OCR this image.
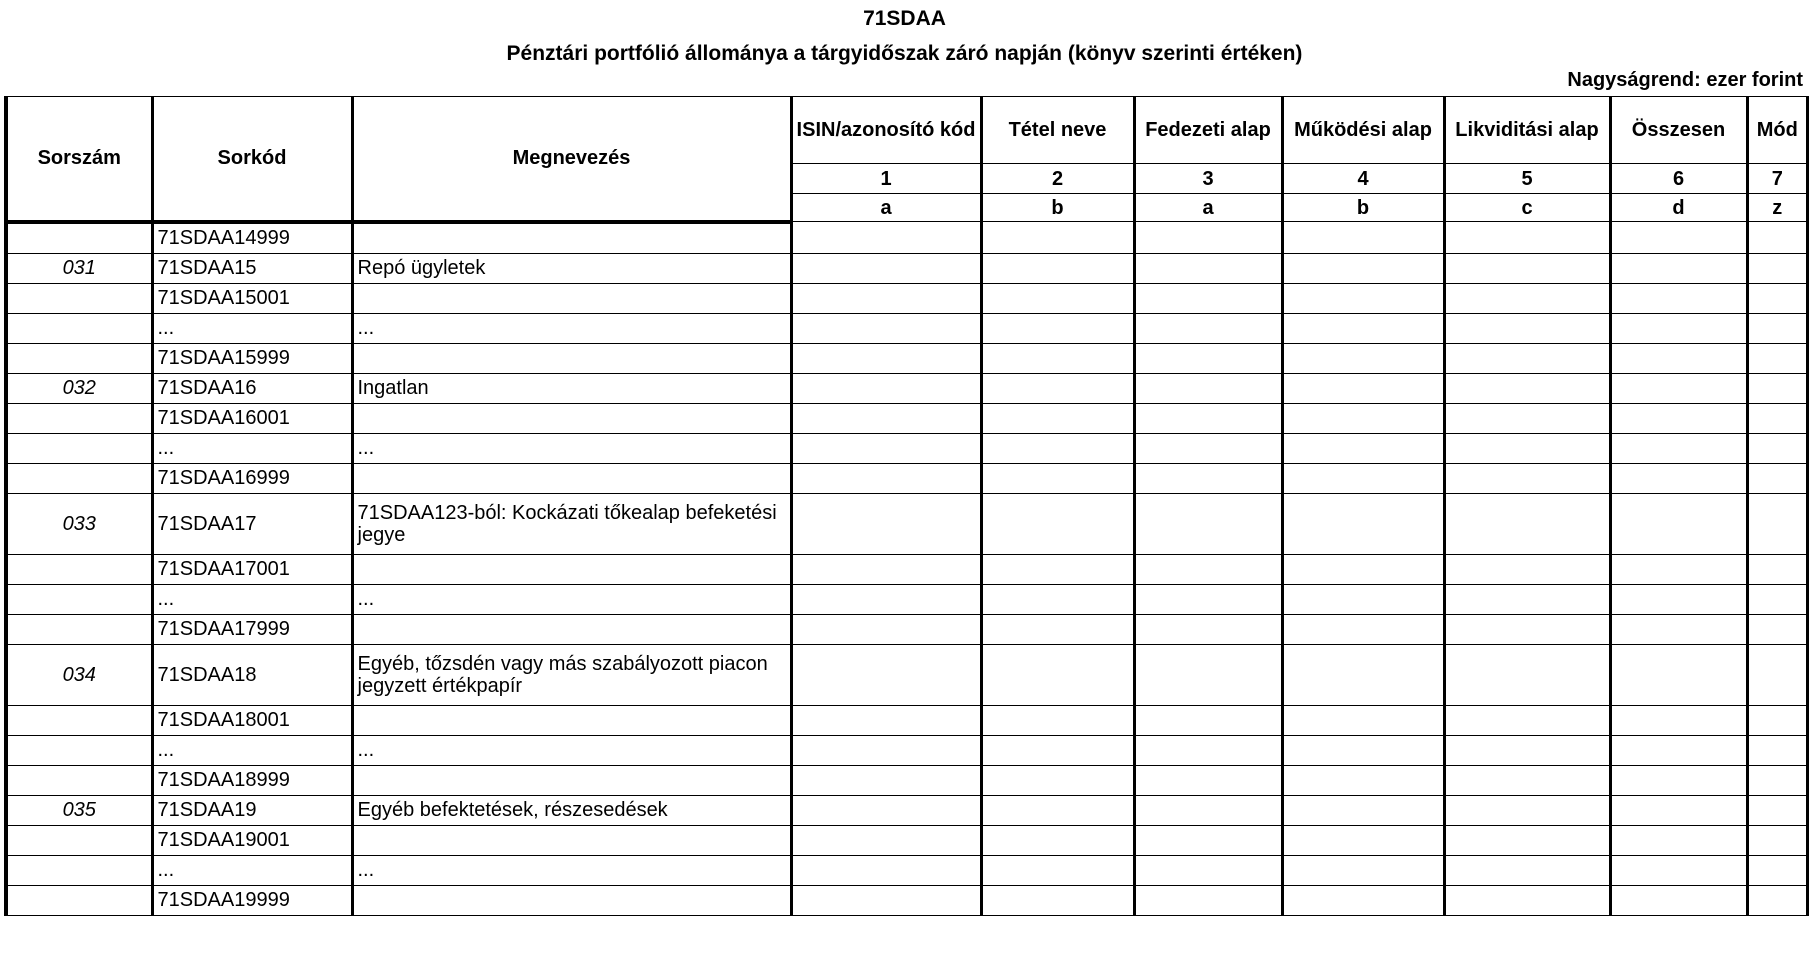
71SDAA
Pénztári portfólió állománya a tárgyidőszak záró napján (könyv szerinti értéken)
Nagyságrend: ezer forint
Sorszám	Sorkód	Megnevezés	ISIN/azonosító kód	Tétel neve	Fedezeti alap	Működési alap	Likviditási alap	Összesen	Mód
			1	2	3	4	5	6	7
			a	b	a	b	c	d	z
	71SDAA14999								
031	71SDAA15	Repó ügyletek							
	71SDAA15001								
	...	...							
	71SDAA15999								
032	71SDAA16	Ingatlan							
	71SDAA16001								
	...	...							
	71SDAA16999								
033	71SDAA17	71SDAA123-ból: Kockázati tőkealap befeketési jegye							
	71SDAA17001								
	...	...							
	71SDAA17999								
034	71SDAA18	Egyéb, tőzsdén vagy más szabályozott piacon jegyzett értékpapír							
	71SDAA18001								
	...	...							
	71SDAA18999								
035	71SDAA19	Egyéb befektetések, részesedések							
	71SDAA19001								
	...	...							
	71SDAA19999								
